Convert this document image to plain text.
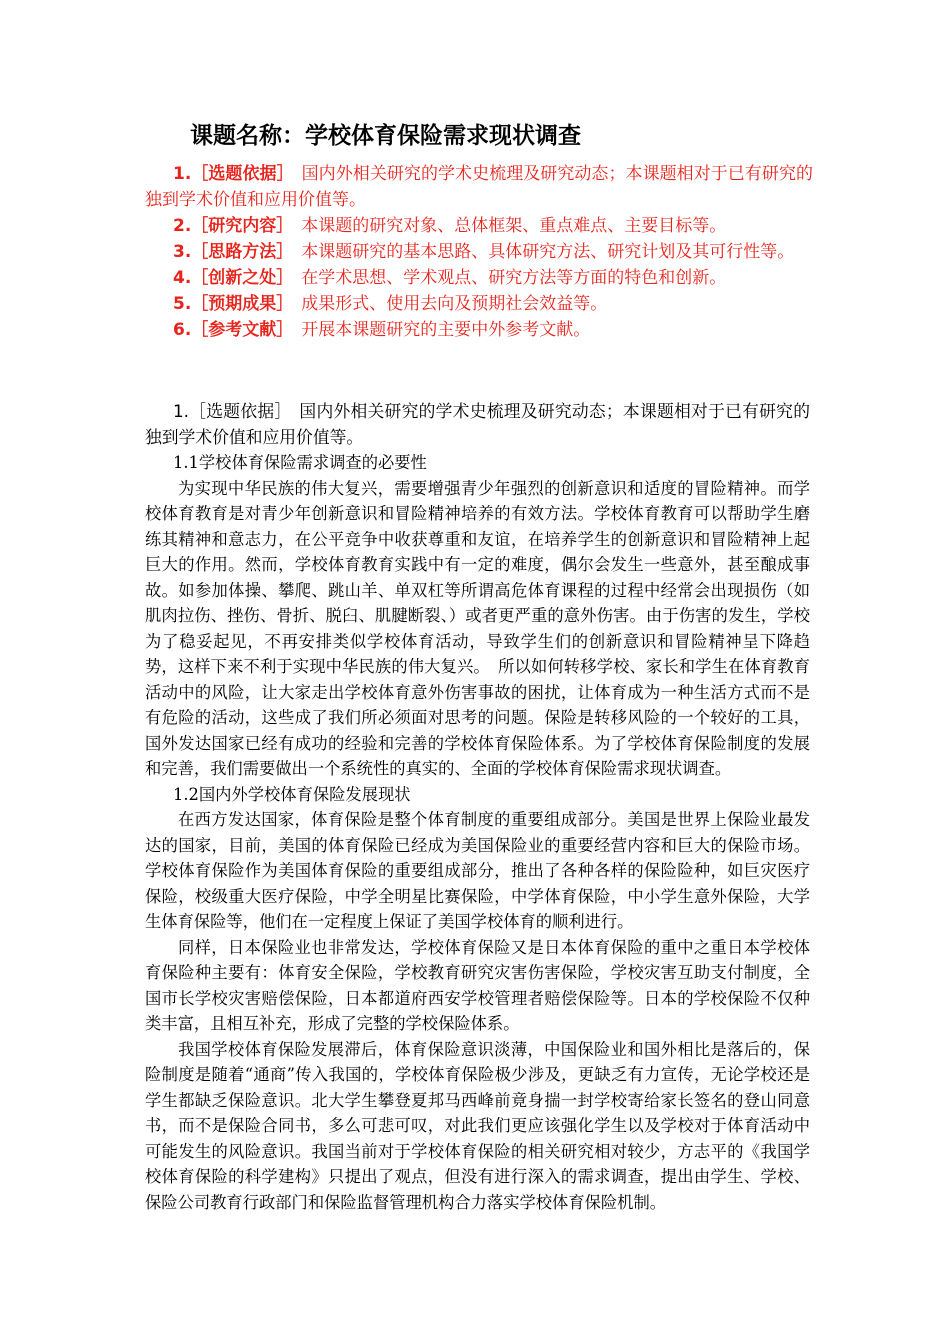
课题名称：学校体育保险需求现状调查
1.［选题依据］ 国内外相关研究的学术史梳理及研究动态；本课题相对于已有研究的独到学术价值和应用价值等。
2.［研究内容］ 本课题的研究对象、总体框架、重点难点、主要目标等。
3.［思路方法］ 本课题研究的基本思路、具体研究方法、研究计划及其可行性等。
4.［创新之处］ 在学术思想、学术观点、研究方法等方面的特色和创新。
5.［预期成果］ 成果形式、使用去向及预期社会效益等。
6.［参考文献］ 开展本课题研究的主要中外参考文献。

1.［选题依据］ 国内外相关研究的学术史梳理及研究动态；本课题相对于已有研究的独到学术价值和应用价值等。

1.1学校体育保险需求调查的必要性

为实现中华民族的伟大复兴，需要增强青少年强烈的创新意识和适度的冒险精神。而学校体育教育是对青少年创新意识和冒险精神培养的有效方法。学校体育教育可以帮助学生磨练其精神和意志力，在公平竞争中收获尊重和友谊，在培养学生的创新意识和冒险精神上起巨大的作用。然而，学校体育教育实践中有一定的难度，偶尔会发生一些意外，甚至酿成事故。如参加体操、攀爬、跳山羊、单双杠等所谓高危体育课程的过程中经常会出现损伤（如肌肉拉伤、挫伤、骨折、脱臼、肌腱断裂、）或者更严重的意外伤害。由于伤害的发生，学校为了稳妥起见，不再安排类似学校体育活动，导致学生们的创新意识和冒险精神呈下降趋势，这样下来不利于实现中华民族的伟大复兴。　所以如何转移学校、家长和学生在体育教育活动中的风险，让大家走出学校体育意外伤害事故的困扰，让体育成为一种生活方式而不是有危险的活动，这些成了我们所必须面对思考的问题。保险是转移风险的一个较好的工具，国外发达国家已经有成功的经验和完善的学校体育保险体系。为了学校体育保险制度的发展和完善，我们需要做出一个系统性的真实的、全面的学校体育保险需求现状调查。

1.2国内外学校体育保险发展现状

在西方发达国家，体育保险是整个体育制度的重要组成部分。美国是世界上保险业最发达的国家，目前，美国的体育保险已经成为美国保险业的重要经营内容和巨大的保险市场。学校体育保险作为美国体育保险的重要组成部分，推出了各种各样的保险险种，如巨灾医疗保险，校级重大医疗保险，中学全明星比赛保险，中学体育保险，中小学生意外保险，大学生体育保险等，他们在一定程度上保证了美国学校体育的顺利进行。

同样，日本保险业也非常发达，学校体育保险又是日本体育保险的重中之重日本学校体育保险种主要有：体育安全保险，学校教育研究灾害伤害保险，学校灾害互助支付制度，全国市长学校灾害赔偿保险，日本都道府西安学校管理者赔偿保险等。日本的学校保险不仅种类丰富，且相互补充，形成了完整的学校保险体系。

我国学校体育保险发展滞后，体育保险意识淡薄，中国保险业和国外相比是落后的，保险制度是随着“通商”传入我国的，学校体育保险极少涉及，更缺乏有力宣传，无论学校还是学生都缺乏保险意识。北大学生攀登夏邦马西峰前竟身揣一封学校寄给家长签名的登山同意书，而不是保险合同书，多么可悲可叹，对此我们更应该强化学生以及学校对于体育活动中可能发生的风险意识。我国当前对于学校体育保险的相关研究相对较少，方志平的《我国学校体育保险的科学建构》只提出了观点，但没有进行深入的需求调查，提出由学生、学校、保险公司教育行政部门和保险监督管理机构合力落实学校体育保险机制。
